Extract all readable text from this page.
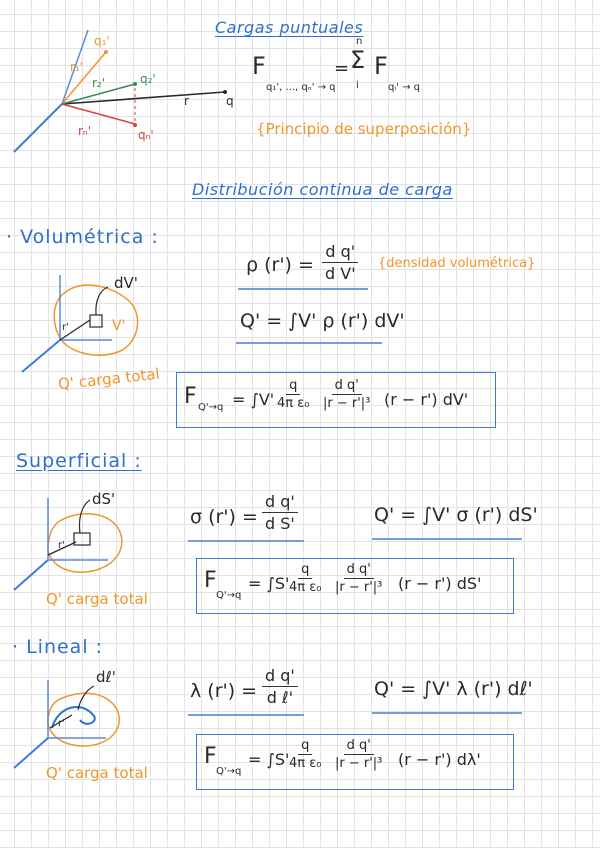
Cargas puntuales
q₁'
r₁'
r₂'	q₂'
rₙ'	qₙ'
r	q
F
q₁', ..., qₙ' → q
=
n
Σ
i
F
qᵢ' → q
{Principio de superposición}
Distribución continua de carga
· Volumétrica :
dV'
V'
r'
Q' carga total
ρ $(r') = \frac{\text{d q'}}{\text{d V'}}$ {densidad volumétrica}
Q' = ∫V' ρ (r') dV'
F $Q'\to q = \int V' \frac{q}{\text{4π ε₀}} \frac{\text{d q'}}{\text{|r − r'|³}} (r - r')$ dV'
Superficial :
dS'
r'
Q' carga total
σ $(r') = \frac{\text{d q'}}{\text{d S'}}$	Q' = ∫V' σ (r') dS'
F
Q'→q
= ∫S'
$\frac{q}{\text{4π ε₀}} \frac{\text{d q'}}{\text{|r − r'|³}} (r - r')$ dS'
· Lineal :
dℓ'
r'
Q' carga total
λ (r') =
d q'
d ℓ'	Q' = ∫V' λ (r') dℓ'
F
Q'→q
= ∫S'
$\frac{q}{\text{4π ε₀}} \frac{\text{d q'}}{\text{|r − r'|³}} (r - r')$ dλ'
